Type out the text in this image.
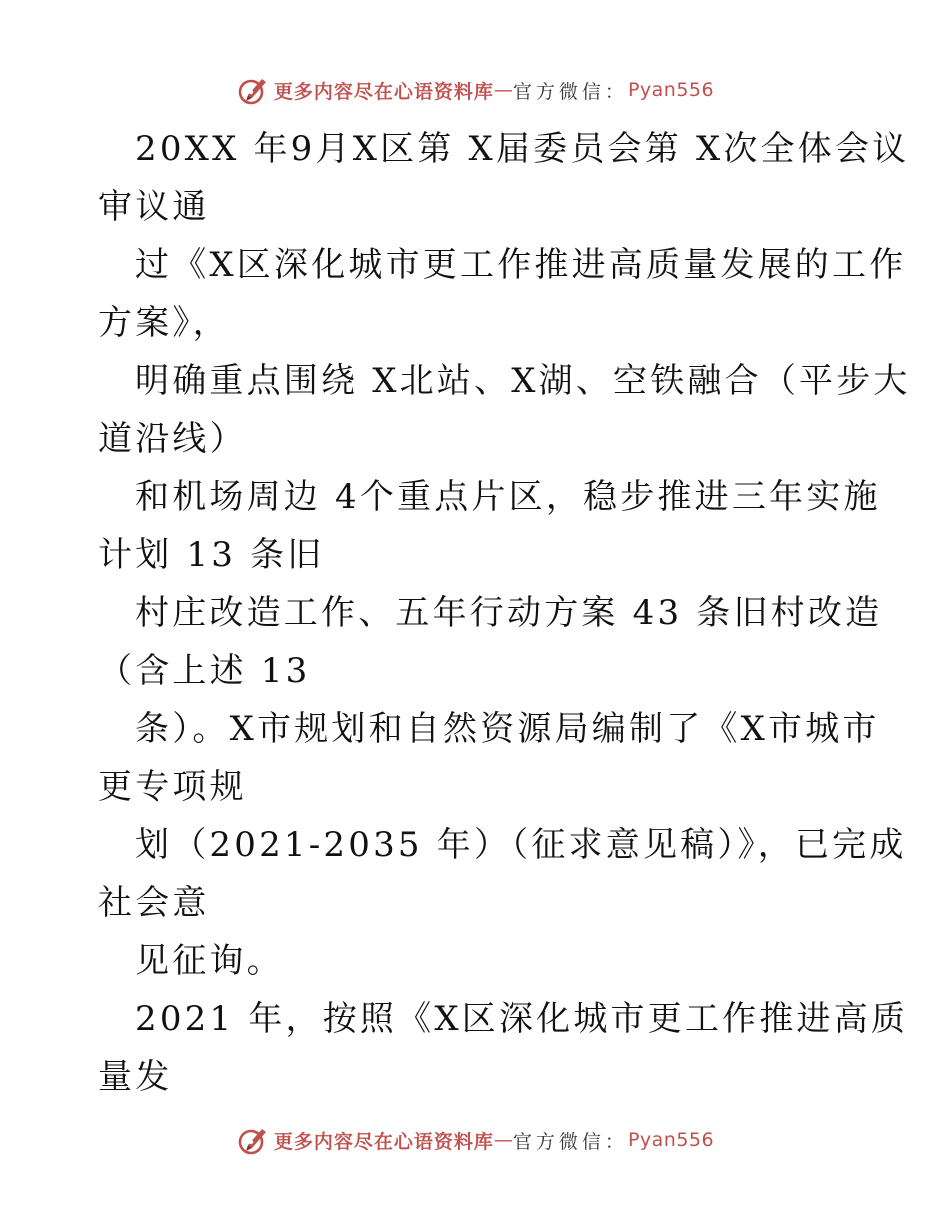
更多内容尽在心语资料库 — 官方微信： Pyan556
20XX 年9月X区第 X届委员会第 X次全体会议
审议通
过《X区深化城市更工作推进高质量发展的工作
方案》，
明确重点围绕 X北站、X湖、空铁融合（平步大
道沿线）
和机场周边 4个重点片区，稳步推进三年实施
计划 13 条旧
村庄改造工作、五年行动方案 43 条旧村改造
（含上述 13
条）。X市规划和自然资源局编制了《X市城市
更专项规
划（2021-2035 年）（征求意见稿）》，已完成
社会意
见征询。
2021 年，按照《X区深化城市更工作推进高质
量发
更多内容尽在心语资料库 — 官方微信： Pyan556
